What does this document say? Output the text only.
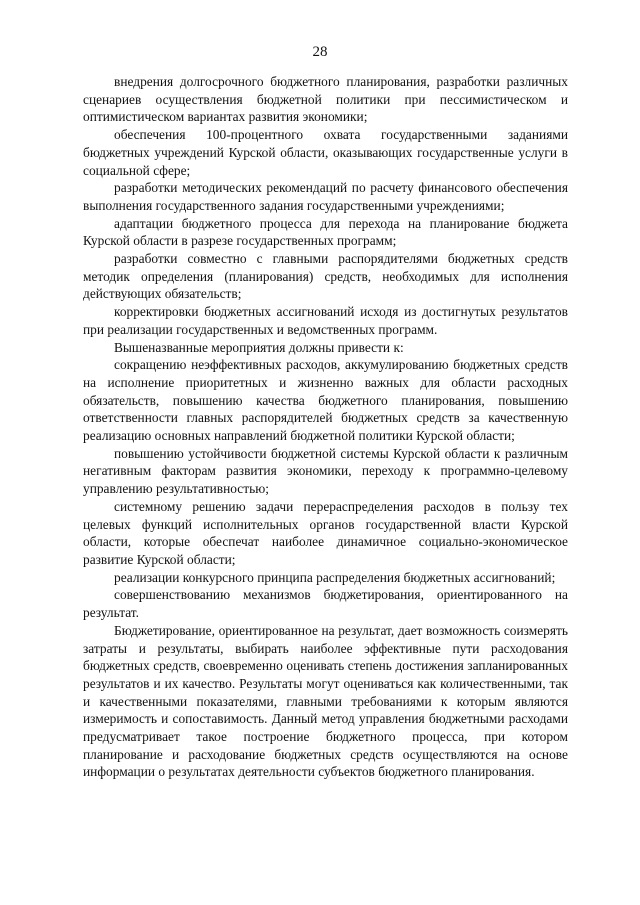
28

внедрения долгосрочного бюджетного планирования, разработки различных сценариев осуществления бюджетной политики при пессимистическом и оптимистическом вариантах развития экономики;

обеспечения 100-процентного охвата государственными заданиями бюджетных учреждений Курской области, оказывающих государственные услуги в социальной сфере;

разработки методических рекомендаций по расчету финансового обеспечения выполнения государственного задания государственными учреждениями;

адаптации бюджетного процесса для перехода на планирование бюджета Курской области в разрезе государственных программ;

разработки совместно с главными распорядителями бюджетных средств методик определения (планирования) средств, необходимых для исполнения действующих обязательств;

корректировки бюджетных ассигнований исходя из достигнутых результатов при реализации государственных и ведомственных программ.

Вышеназванные мероприятия должны привести к:

сокращению неэффективных расходов, аккумулированию бюджетных средств на исполнение приоритетных и жизненно важных для области расходных обязательств, повышению качества бюджетного планирования, повышению ответственности главных распорядителей бюджетных средств за качественную реализацию основных направлений бюджетной политики Курской области;

повышению устойчивости бюджетной системы Курской области к различным негативным факторам развития экономики, переходу к программно-целевому управлению результативностью;

системному решению задачи перераспределения расходов в пользу тех целевых функций исполнительных органов государственной власти Курской области, которые обеспечат наиболее динамичное социально-экономическое развитие Курской области;

реализации конкурсного принципа распределения бюджетных ассигнований;

совершенствованию механизмов бюджетирования, ориентированного на результат.

Бюджетирование, ориентированное на результат, дает возможность соизмерять затраты и результаты, выбирать наиболее эффективные пути расходования бюджетных средств, своевременно оценивать степень достижения запланированных результатов и их качество. Результаты могут оцениваться как количественными, так и качественными показателями, главными требованиями к которым являются измеримость и сопоставимость. Данный метод управления бюджетными расходами предусматривает такое построение бюджетного процесса, при котором планирование и расходование бюджетных средств осуществляются на основе информации о результатах деятельности субъектов бюджетного планирования.
